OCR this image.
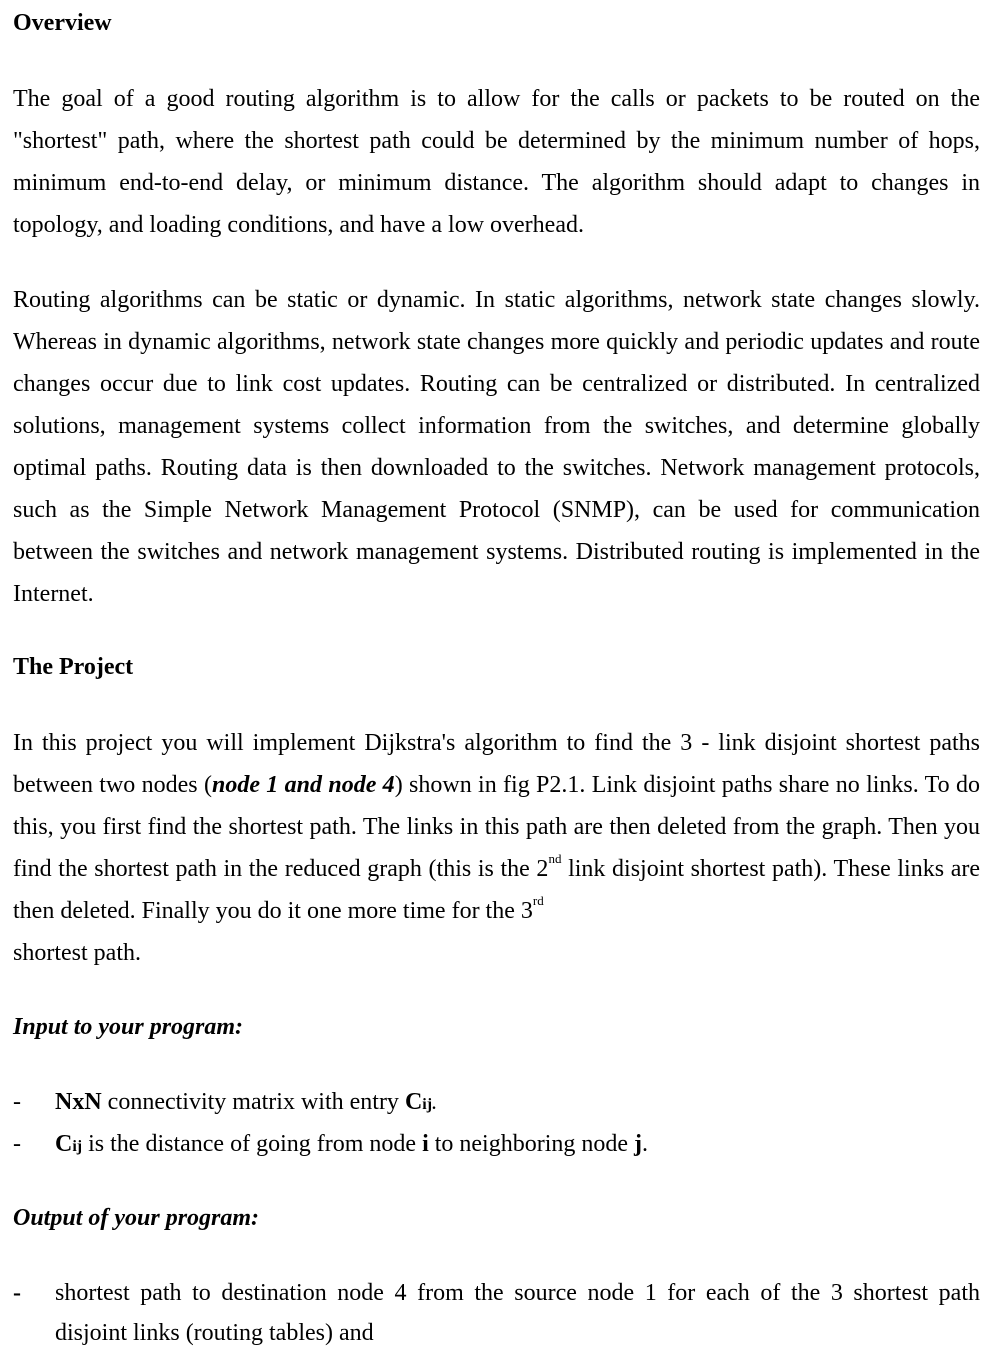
Overview

The goal of a good routing algorithm is to allow for the calls or packets to be routed on the "shortest" path, where the shortest path could be determined by the minimum number of hops, minimum end-to-end delay, or minimum distance. The algorithm should adapt to changes in topology, and loading conditions, and have a low overhead.

Routing algorithms can be static or dynamic. In static algorithms, network state changes slowly. Whereas in dynamic algorithms, network state changes more quickly and periodic updates and route changes occur due to link cost updates. Routing can be centralized or distributed. In centralized solutions, management systems collect information from the switches, and determine globally optimal paths. Routing data is then downloaded to the switches. Network management protocols, such as the Simple Network Management Protocol (SNMP), can be used for communication between the switches and network management systems. Distributed routing is implemented in the Internet.

The Project

In this project you will implement Dijkstra's algorithm to find the 3 - link disjoint shortest paths between two nodes (node 1 and node 4) shown in fig P2.1. Link disjoint paths share no links. To do this, you first find the shortest path. The links in this path are then deleted from the graph. Then you find the shortest path in the reduced graph (this is the 2nd link disjoint shortest path). These links are then deleted. Finally you do it one more time for the 3rd
shortest path.

Input to your program:
-	NxN connectivity matrix with entry Cij.
-	Cij is the distance of going from node i to neighboring node j.
Output of your program:
-	shortest path to destination node 4 from the source node 1 for each of the 3 shortest path disjoint links (routing tables) and
